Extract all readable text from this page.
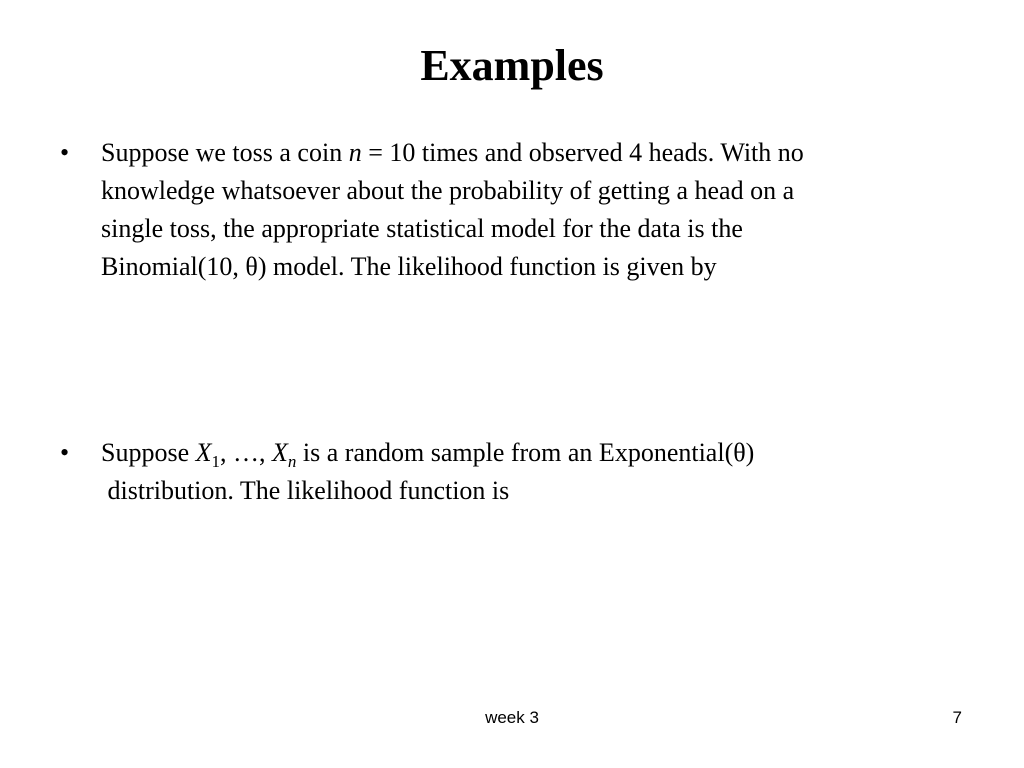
Examples
• Suppose we toss a coin n = 10 times and observed 4 heads. With no
knowledge whatsoever about the probability of getting a head on a
single toss, the appropriate statistical model for the data is the
Binomial(10, θ) model. The likelihood function is given by
• Suppose $X_1$, …, $X_n$ is a random sample from an Exponential(θ)
distribution. The likelihood function is
week 3	7
